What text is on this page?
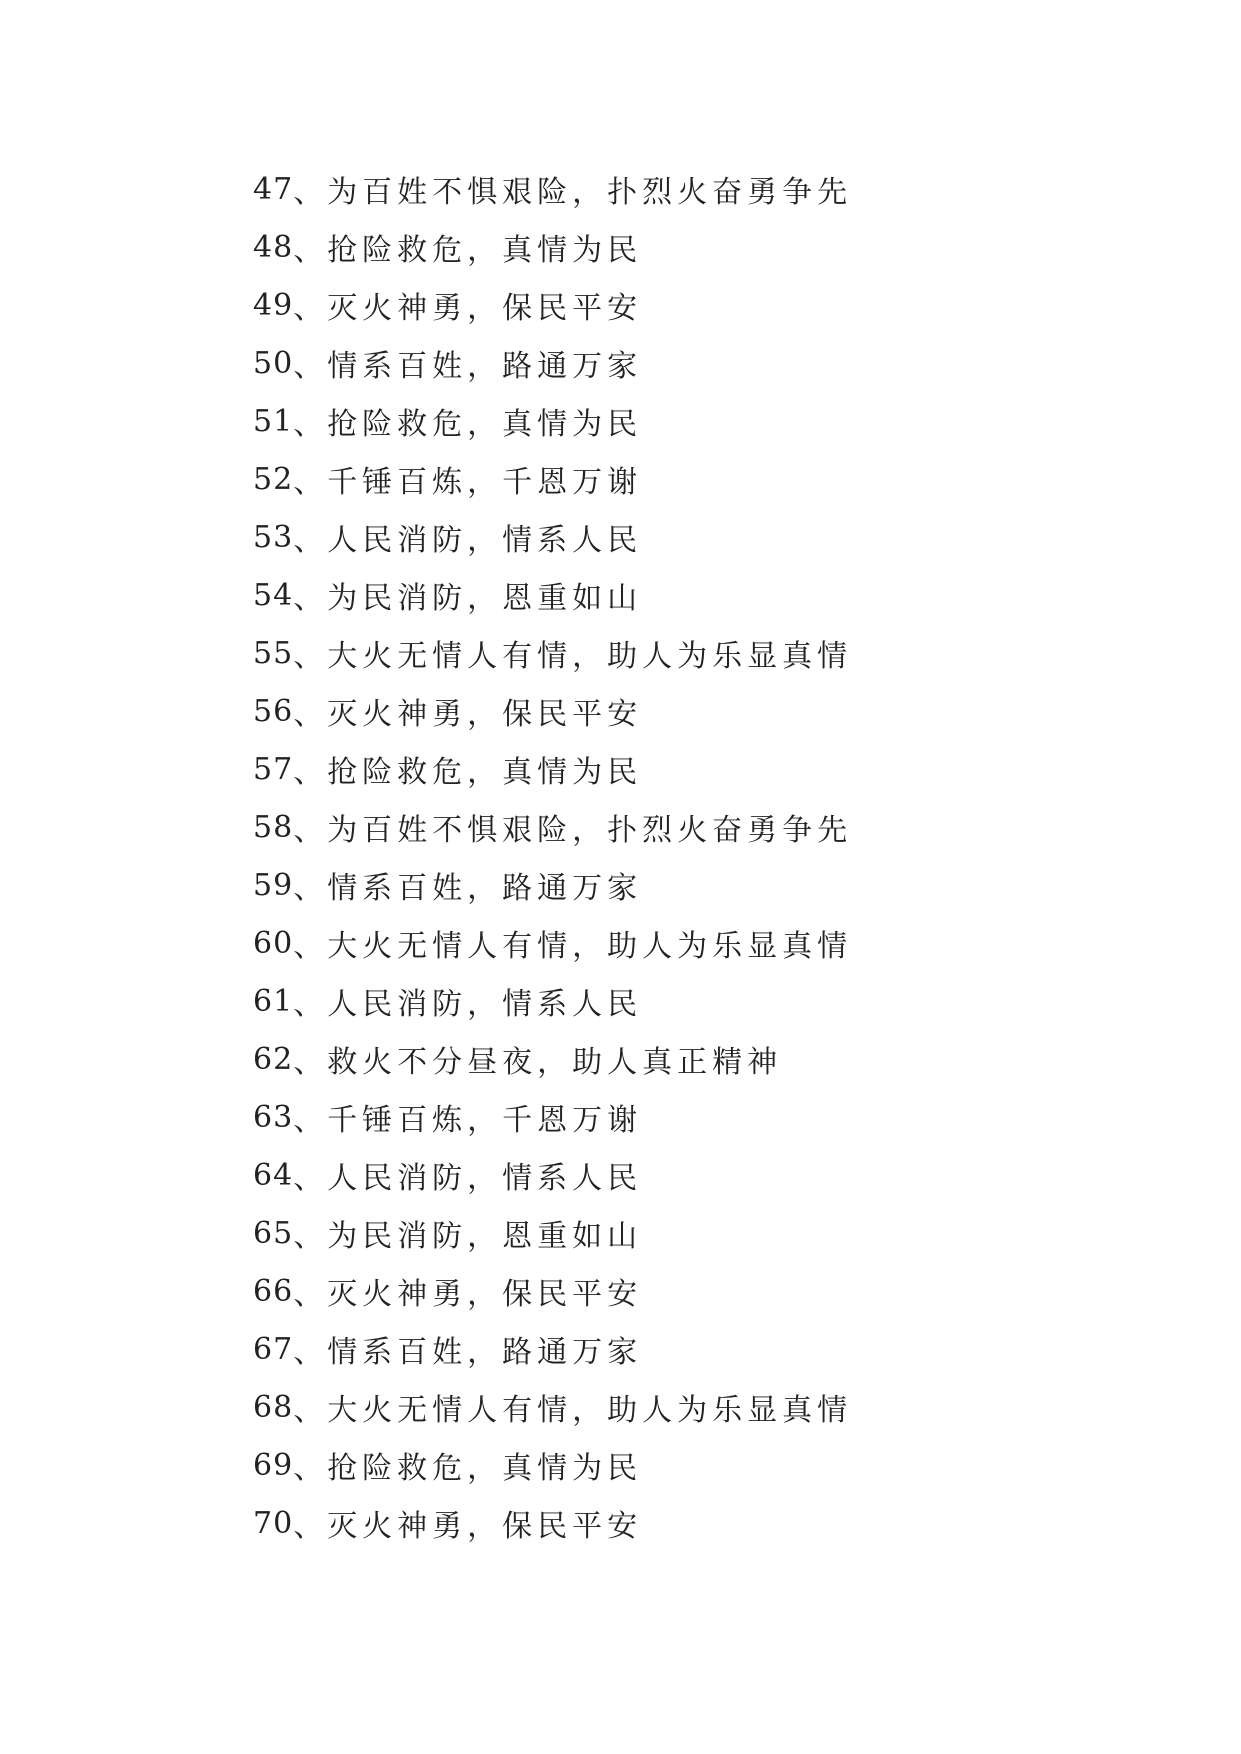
47 、 为百姓不惧艰险，扑烈火奋勇争先
48 、 抢险救危，真情为民
49 、 灭火神勇，保民平安
50 、 情系百姓，路通万家
51 、 抢险救危，真情为民
52 、 千锤百炼，千恩万谢
53 、 人民消防，情系人民
54 、 为民消防，恩重如山
55 、 大火无情人有情，助人为乐显真情
56 、 灭火神勇，保民平安
57 、 抢险救危，真情为民
58 、 为百姓不惧艰险，扑烈火奋勇争先
59 、 情系百姓，路通万家
60 、 大火无情人有情，助人为乐显真情
61 、 人民消防，情系人民
62 、 救火不分昼夜，助人真正精神
63 、 千锤百炼，千恩万谢
64 、 人民消防，情系人民
65 、 为民消防，恩重如山
66 、 灭火神勇，保民平安
67 、 情系百姓，路通万家
68 、 大火无情人有情，助人为乐显真情
69 、 抢险救危，真情为民
70 、 灭火神勇，保民平安
